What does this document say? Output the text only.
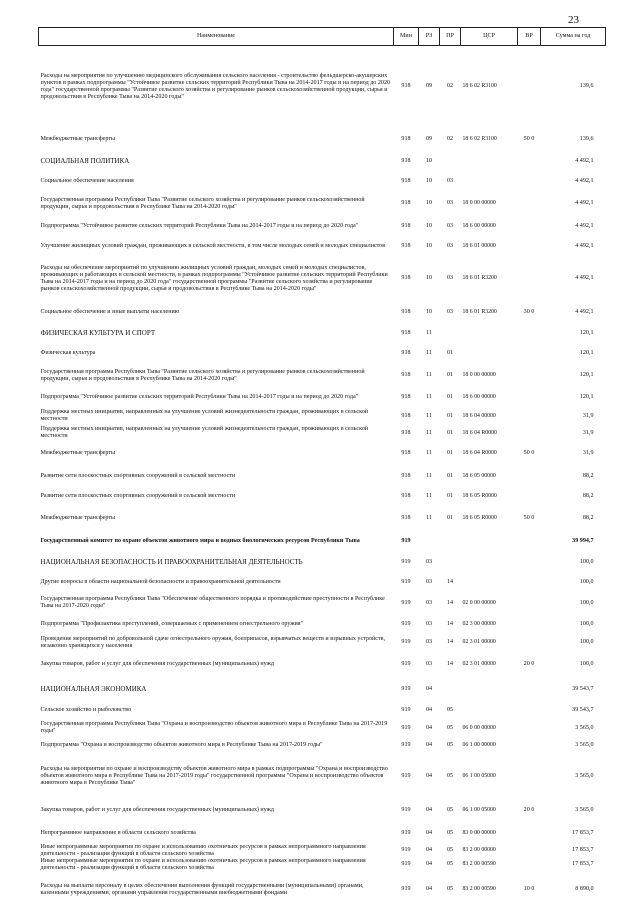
23
Наименование	Мин	РЗ	ПР	ЦСР	ВР	Сумма на год
Расходы на мероприятия по улучшению медицинского обслуживания сельского населения - строительство фельдшерско-акушерских пунктов в рамках подпрограммы "Устойчивое развитие сельских территорий Республики Тыва на 2014-2017 годы и на период до 2020 года" государственной программы "Развитие сельского хозяйства и регулирование рынков сельскохозяйственной продукции, сырья и продовольствия в Республике Тыва на 2014-2020 годы"	918	09	02	18 6 02 R3100		139,6
Межбюджетные трансферты	918	09	02	18 6 02 R3100	50 0	139,6
СОЦИАЛЬНАЯ ПОЛИТИКА	918	10				4 492,1
Социальное обеспечение населения	918	10	03			4 492,1
Государственная программа Республики Тыва "Развитие сельского хозяйства и регулирование рынков сельскохозяйственной продукции, сырья и продовольствия в Республике Тыва на 2014-2020 годы"	918	10	03	18 0 00 00000		4 492,1
Подпрограмма "Устойчивое развитие сельских территорий Республики Тыва на 2014-2017 годы и на период до 2020 года"	918	10	03	18 6 00 00000		4 492,1
Улучшение жилищных условий граждан, проживающих в сельской местности, в том числе молодых семей и молодых специалистов	918	10	03	18 6 01 00000		4 492,1
Расходы на обеспечение мероприятий по улучшению жилищных условий граждан, молодых семей и молодых специалистов, проживающих и работающих в сельской местности, в рамках подпрограммы "Устойчивое развитие сельских территорий Республики Тыва на 2014-2017 годы и на период до 2020 года" государственной программы "Развитие сельского хозяйства и регулирование рынков сельскохозяйственной продукции, сырья и продовольствия в Республике Тыва на 2014-2020 годы"	918	10	03	18 6 01 R3200		4 492,1
Социальное обеспечение и иные выплаты населению	918	10	03	18 6 01 R3200	30 0	4 492,1
ФИЗИЧЕСКАЯ КУЛЬТУРА И СПОРТ	918	11				120,1
Физическая культура	918	11	01			120,1
Государственная программа Республики Тыва "Развитие сельского хозяйства и регулирование рынков сельскохозяйственной продукции, сырья и продовольствия в Республике Тыва на 2014-2020 годы"	918	11	01	18 0 00 00000		120,1
Подпрограмма "Устойчивое развитие сельских территорий Республики Тыва на 2014-2017 годы и на период до 2020 года"	918	11	01	18 6 00 00000		120,1
Поддержка местных инициатив, направленных на улучшение условий жизнедеятельности граждан, проживающих в сельской местности	918	11	01	18 6 04 00000		31,9
Поддержка местных инициатив, направленных на улучшение условий жизнедеятельности граждан, проживающих в сельской местности	918	11	01	18 6 04 R0000		31,9
Межбюджетные трансферты	918	11	01	18 6 04 R0000	50 0	31,9
Развитие сети плоскостных спортивных сооружений в сельской местности	918	11	01	18 6 05 00000		88,2
Развитие сети плоскостных спортивных сооружений в сельской местности	918	11	01	18 6 05 R0000		88,2
Межбюджетные трансферты	918	11	01	18 6 05 R0000	50 0	88,2
Государственный комитет по охране объектов животного мира и водных биологических ресурсов Республики Тыва	919					39 994,7
НАЦИОНАЛЬНАЯ БЕЗОПАСНОСТЬ И ПРАВООХРАНИТЕЛЬНАЯ ДЕЯТЕЛЬНОСТЬ	919	03				100,0
Другие вопросы в области национальной безопасности и правоохранительной деятельности	919	03	14			100,0
Государственная программа Республики Тыва "Обеспечение общественного порядка и противодействие преступности в Республике Тыва на 2017-2020 годы"	919	03	14	02 0 00 00000		100,0
Подпрограмма "Профилактика преступлений, совершаемых с применением огнестрельного оружия"	919	03	14	02 3 00 00000		100,0
Проведение мероприятий по добровольной сдаче огнестрельного оружия, боеприпасов, взрывчатых веществ и взрывных устройств, незаконно хранящихся у населения	919	03	14	02 3 01 00000		100,0
Закупка товаров, работ и услуг для обеспечения государственных (муниципальных) нужд	919	03	14	02 3 01 00000	20 0	100,0
НАЦИОНАЛЬНАЯ ЭКОНОМИКА	919	04				39 543,7
Сельское хозяйство и рыболовство	919	04	05			39 543,7
Государственная программа Республики Тыва "Охрана и воспроизводство объектов животного мира в Республике Тыва на 2017-2019 годы"	919	04	05	06 0 00 00000		3 565,0
Подпрограмма "Охрана и воспроизводство объектов животного мира в Республике Тыва на 2017-2019 годы"	919	04	05	06 1 00 00000		3 565,0
Расходы на мероприятия по охране и воспроизводству объектов животного мира в рамках подпрограммы "Охрана и воспроизводство объектов животного мира в Республике Тыва на 2017-2019 годы" государственной программы "Охрана и воспроизводство объектов животного мира в Республике Тыва"	919	04	05	06 1 00 05000		3 565,0
Закупка товаров, работ и услуг для обеспечения государственных (муниципальных) нужд	919	04	05	06 1 00 05000	20 0	3 565,0
Непрограммное направление в области сельского хозяйства	919	04	05	83 0 00 00000		17 853,7
Иные непрограммные мероприятия по охране и использованию охотничьих ресурсов в рамках непрограммного направления деятельности - реализация функций в области сельского хозяйства	919	04	05	83 2 00 00000		17 853,7
Иные непрограммные мероприятия по охране и использованию охотничьих ресурсов в рамках непрограммного направления деятельности - реализация функций в области сельского хозяйства	919	04	05	83 2 00 00590		17 853,7
Расходы на выплаты персоналу в целях обеспечения выполнения функций государственными (муниципальными) органами, казенными учреждениями, органами управления государственными внебюджетными фондами	919	04	05	83 2 00 00590	10 0	8 890,0
